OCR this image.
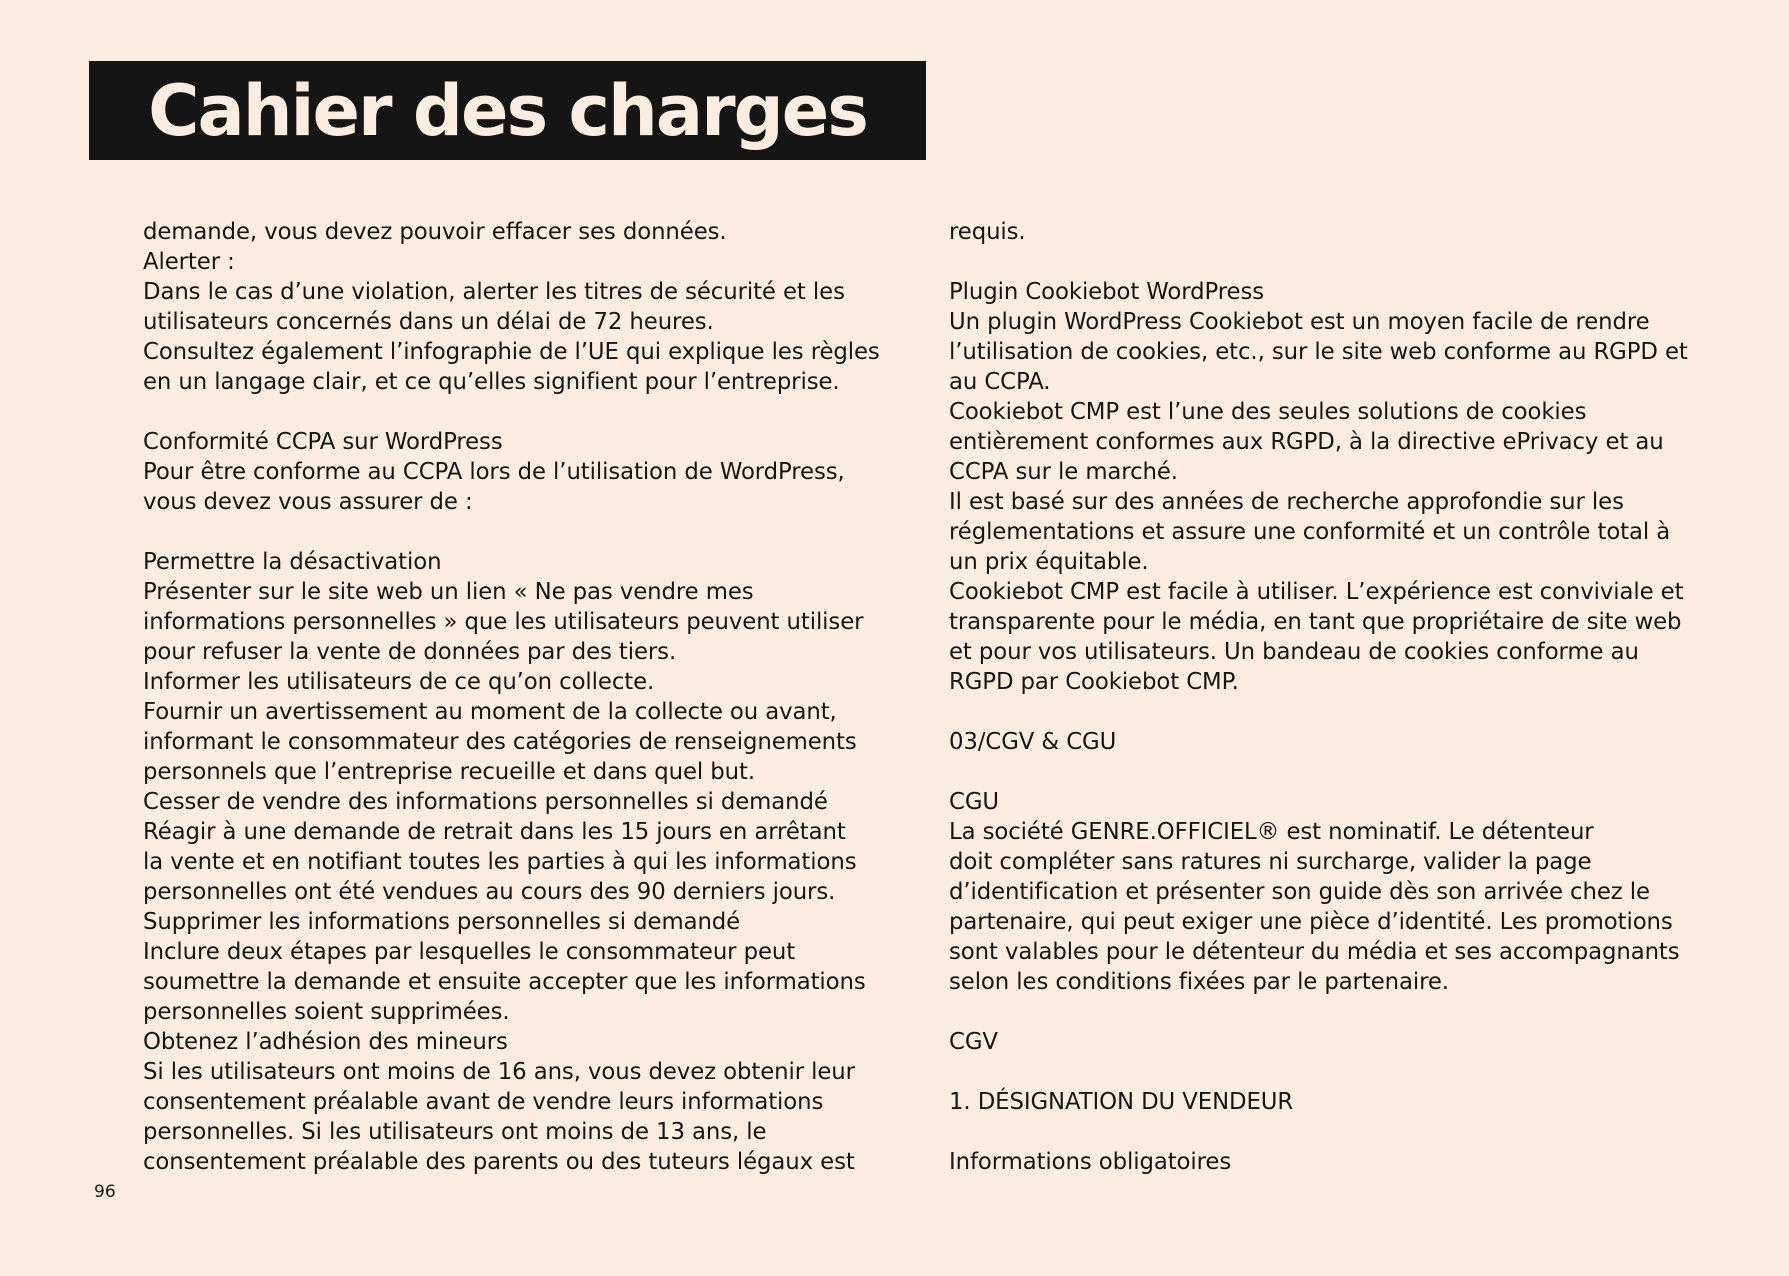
Cahier des charges
demande, vous devez pouvoir effacer ses données.
Alerter :
Dans le cas d’une violation, alerter les titres de sécurité et les
utilisateurs concernés dans un délai de 72 heures.
Consultez également l’infographie de l’UE qui explique les règles
en un langage clair, et ce qu’elles signifient pour l’entreprise.
Conformité CCPA sur WordPress
Pour être conforme au CCPA lors de l’utilisation de WordPress,
vous devez vous assurer de :
Permettre la désactivation
Présenter sur le site web un lien « Ne pas vendre mes
informations personnelles » que les utilisateurs peuvent utiliser
pour refuser la vente de données par des tiers.
Informer les utilisateurs de ce qu’on collecte.
Fournir un avertissement au moment de la collecte ou avant,
informant le consommateur des catégories de renseignements
personnels que l’entreprise recueille et dans quel but.
Cesser de vendre des informations personnelles si demandé
Réagir à une demande de retrait dans les 15 jours en arrêtant
la vente et en notifiant toutes les parties à qui les informations
personnelles ont été vendues au cours des 90 derniers jours.
Supprimer les informations personnelles si demandé
Inclure deux étapes par lesquelles le consommateur peut
soumettre la demande et ensuite accepter que les informations
personnelles soient supprimées.
Obtenez l’adhésion des mineurs
Si les utilisateurs ont moins de 16 ans, vous devez obtenir leur
consentement préalable avant de vendre leurs informations
personnelles. Si les utilisateurs ont moins de 13 ans, le
consentement préalable des parents ou des tuteurs légaux est
requis.
Plugin Cookiebot WordPress
Un plugin WordPress Cookiebot est un moyen facile de rendre
l’utilisation de cookies, etc., sur le site web conforme au RGPD et
au CCPA.
Cookiebot CMP est l’une des seules solutions de cookies
entièrement conformes aux RGPD, à la directive ePrivacy et au
CCPA sur le marché.
Il est basé sur des années de recherche approfondie sur les
réglementations et assure une conformité et un contrôle total à
un prix équitable.
Cookiebot CMP est facile à utiliser. L’expérience est conviviale et
transparente pour le média, en tant que propriétaire de site web
et pour vos utilisateurs. Un bandeau de cookies conforme au
RGPD par Cookiebot CMP.
03/CGV & CGU
CGU
La société GENRE.OFFICIEL® est nominatif. Le détenteur
doit compléter sans ratures ni surcharge, valider la page
d’identification et présenter son guide dès son arrivée chez le
partenaire, qui peut exiger une pièce d’identité. Les promotions
sont valables pour le détenteur du média et ses accompagnants
selon les conditions fixées par le partenaire.
CGV
1. DÉSIGNATION DU VENDEUR
Informations obligatoires
96
